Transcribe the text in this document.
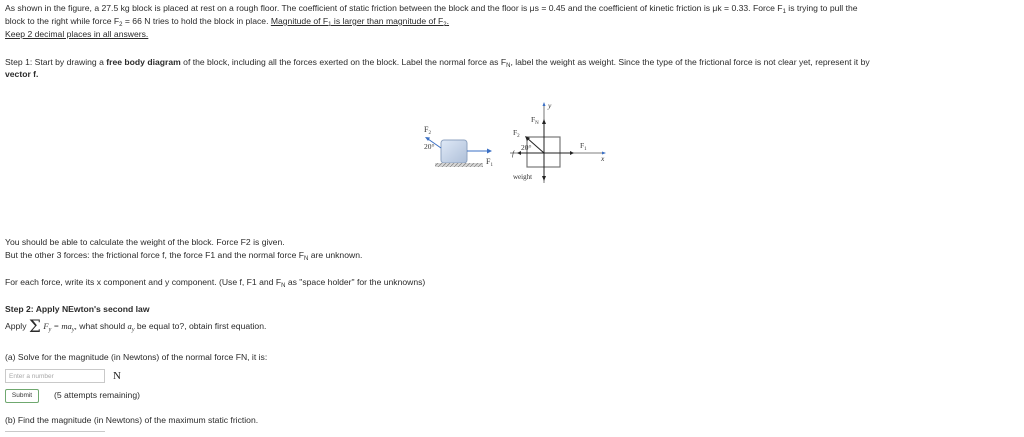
As shown in the figure, a 27.5 kg block is placed at rest on a rough floor. The coefficient of static friction between the block and the floor is μs = 0.45 and the coefficient of kinetic friction is μk = 0.33. Force $F_1$ is trying to pull the
block to the right while force $F_2 = 66$ N tries to hold the block in place. Magnitude of $F_1$ is larger than magnitude of $F_2$.
Keep 2 decimal places in all answers.
Step 1: Start by drawing a free body diagram of the block, including all the forces exerted on the block. Label the normal force as $F_N$, label the weight as weight. Since the type of the frictional force is not clear yet, represent it by
vector f.
$F_2$
20°
$F_1$
y
x
$F_N$
$F_2$
20°
f
$F_1$
weight
You should be able to calculate the weight of the block. Force F2 is given.
But the other 3 forces: the frictional force f, the force F1 and the normal force $F_N$ are unknown.
For each force, write its x component and y component. (Use f, F1 and $F_N$ as "space holder" for the unknowns)
Step 2: Apply NEwton's second law
Apply Σ $F_y = ma_y$, what should $a_y$ be equal to?, obtain first equation.
(a) Solve for the magnitude (in Newtons) of the normal force FN, it is:
Enter a number
N
Submit	(5 attempts remaining)
(b) Find the magnitude (in Newtons) of the maximum static friction.
